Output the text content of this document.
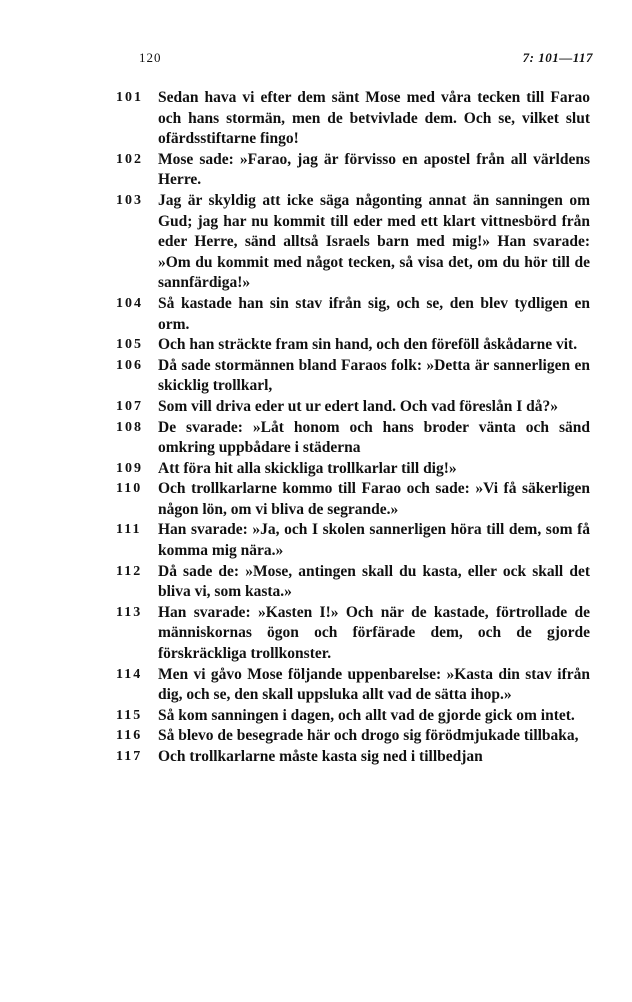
120	7: 101—117
101 Sedan hava vi efter dem sänt Mose med våra tecken till Farao och hans stormän, men de betvivlade dem. Och se, vilket slut ofärdsstiftarne fingo!
102 Mose sade: »Farao, jag är förvisso en apostel från all världens Herre.
103 Jag är skyldig att icke säga någonting annat än sanningen om Gud; jag har nu kommit till eder med ett klart vittnesbörd från eder Herre, sänd alltså Israels barn med mig!» Han svarade: »Om du kommit med något tecken, så visa det, om du hör till de sannfärdiga!»
104 Så kastade han sin stav ifrån sig, och se, den blev tydligen en orm.
105 Och han sträckte fram sin hand, och den föreföll åskådarne vit.
106 Då sade stormännen bland Faraos folk: »Detta är sannerligen en skicklig trollkarl,
107 Som vill driva eder ut ur edert land. Och vad föreslån I då?»
108 De svarade: »Låt honom och hans broder vänta och sänd omkring uppbådare i städerna
109 Att föra hit alla skickliga trollkarlar till dig!»
110	Och trollkarlarne kommo till Farao och sade: »Vi få säkerligen någon lön, om vi bliva de segrande.»
111	Han svarade: »Ja, och I skolen sannerligen höra till dem, som få komma mig nära.»
112	Då sade de: »Mose, antingen skall du kasta, eller ock skall det bliva vi, som kasta.»
113	Han svarade: »Kasten I!» Och när de kastade, förtrollade de människornas ögon och förfärade dem, och de gjorde förskräckliga trollkonster.
114	Men vi gåvo Mose följande uppenbarelse: »Kasta din stav ifrån dig, och se, den skall uppsluka allt vad de sätta ihop.»
115	Så kom sanningen i dagen, och allt vad de gjorde gick om intet.
116	Så blevo de besegrade här och drogo sig förödmjukade tillbaka,
117	Och trollkarlarne måste kasta sig ned i tillbedjan
